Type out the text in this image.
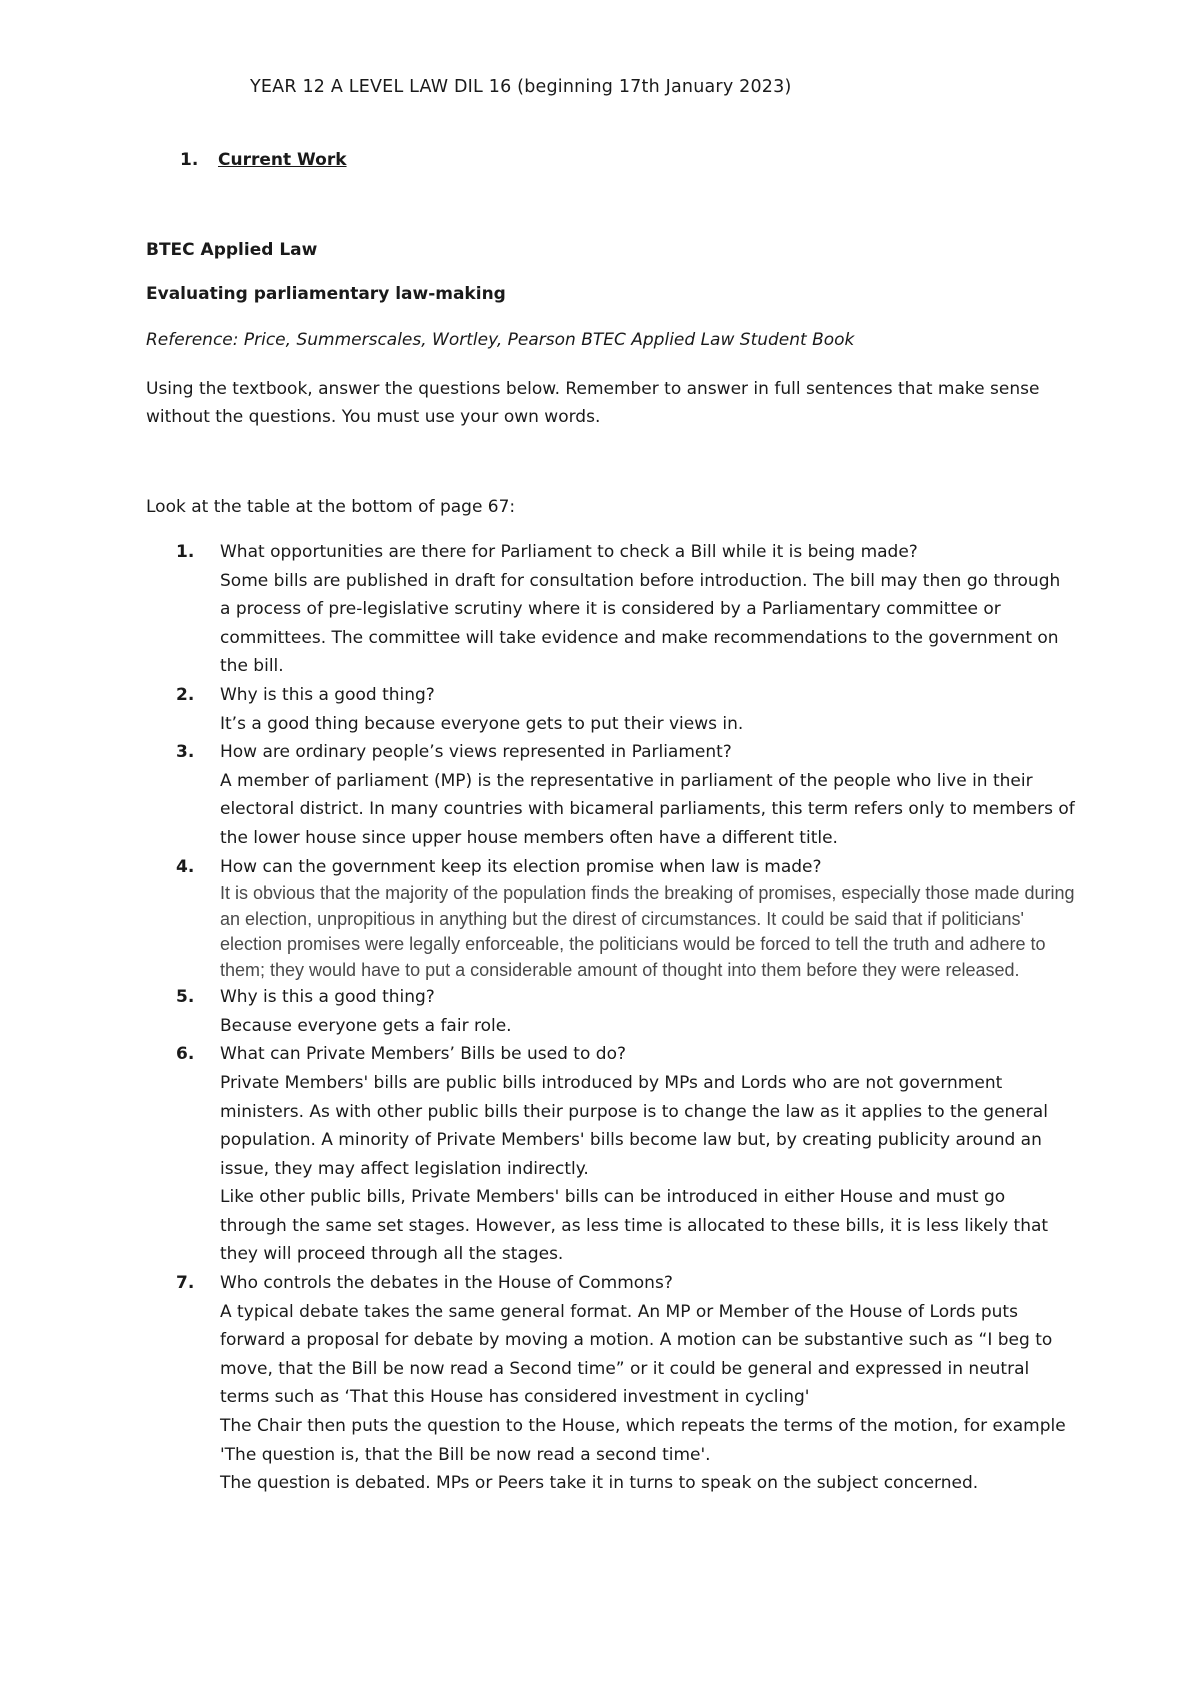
YEAR 12 A LEVEL LAW DIL 16 (beginning 17th January 2023)
1. Current Work
BTEC Applied Law
Evaluating parliamentary law-making
Reference: Price, Summerscales, Wortley, Pearson BTEC Applied Law Student Book
Using the textbook, answer the questions below. Remember to answer in full sentences that make sense without the questions. You must use your own words.
Look at the table at the bottom of page 67:
1. What opportunities are there for Parliament to check a Bill while it is being made?
Some bills are published in draft for consultation before introduction. The bill may then go through a process of pre-legislative scrutiny where it is considered by a Parliamentary committee or committees. The committee will take evidence and make recommendations to the government on the bill.
2. Why is this a good thing?
It’s a good thing because everyone gets to put their views in.
3. How are ordinary people’s views represented in Parliament?
A member of parliament (MP) is the representative in parliament of the people who live in their electoral district. In many countries with bicameral parliaments, this term refers only to members of the lower house since upper house members often have a different title.
4. How can the government keep its election promise when law is made?
It is obvious that the majority of the population finds the breaking of promises, especially those made during an election, unpropitious in anything but the direst of circumstances. It could be said that if politicians' election promises were legally enforceable, the politicians would be forced to tell the truth and adhere to them; they would have to put a considerable amount of thought into them before they were released.
5. Why is this a good thing?
Because everyone gets a fair role.
6. What can Private Members’ Bills be used to do?
Private Members' bills are public bills introduced by MPs and Lords who are not government ministers. As with other public bills their purpose is to change the law as it applies to the general population. A minority of Private Members' bills become law but, by creating publicity around an issue, they may affect legislation indirectly.
Like other public bills, Private Members' bills can be introduced in either House and must go through the same set stages. However, as less time is allocated to these bills, it is less likely that they will proceed through all the stages.
7. Who controls the debates in the House of Commons?
A typical debate takes the same general format. An MP or Member of the House of Lords puts forward a proposal for debate by moving a motion. A motion can be substantive such as “I beg to move, that the Bill be now read a Second time” or it could be general and expressed in neutral terms such as ‘That this House has considered investment in cycling'
The Chair then puts the question to the House, which repeats the terms of the motion, for example 'The question is, that the Bill be now read a second time'.
The question is debated. MPs or Peers take it in turns to speak on the subject concerned.
